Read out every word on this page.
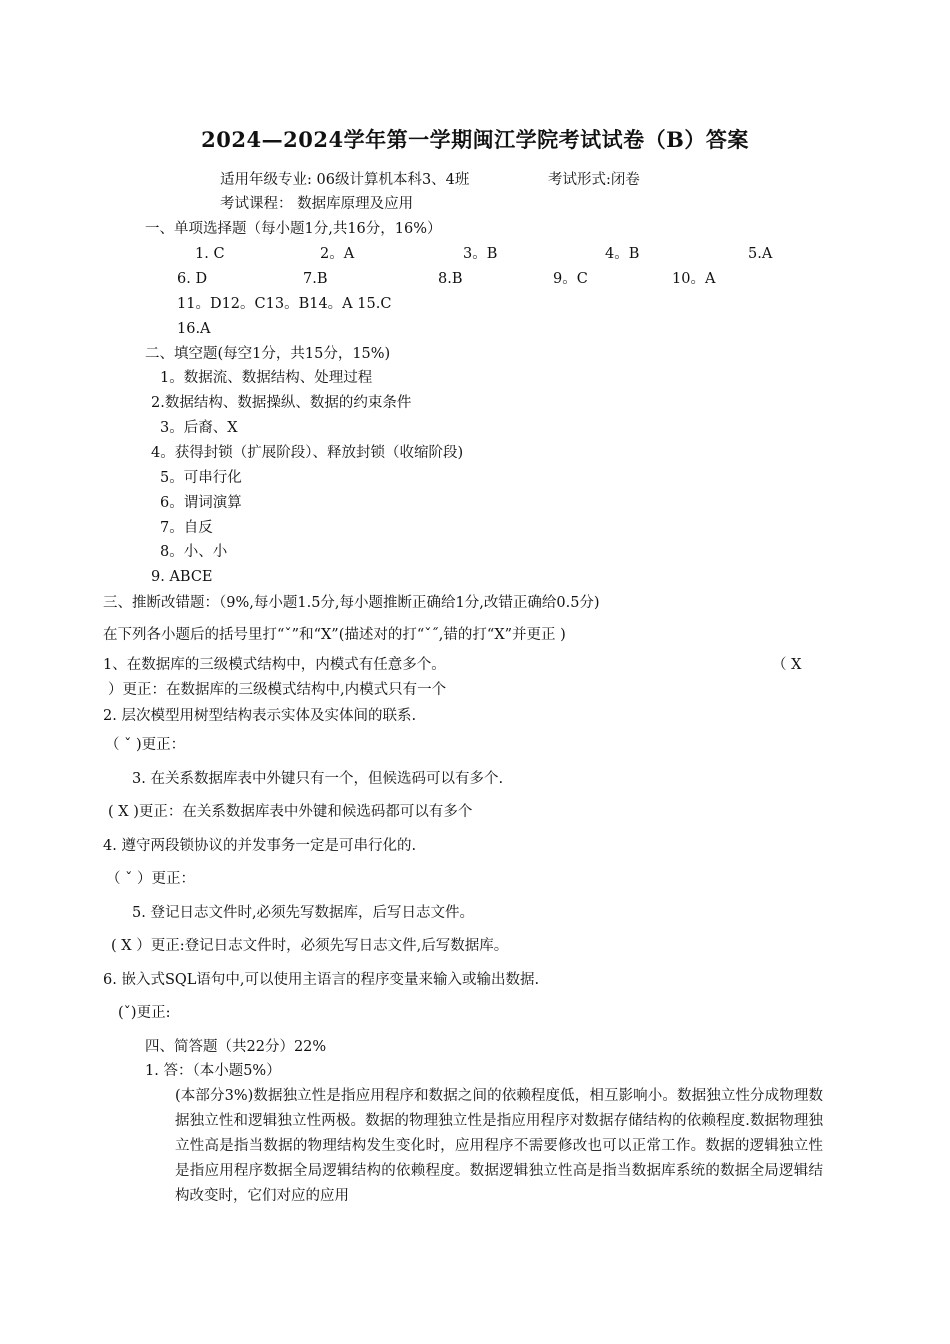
2024—2024学年第一学期闽江学院考试试卷（B）答案
适用年级专业: 06级计算机本科3、4班	考试形式:闭卷
考试课程： 数据库原理及应用
一、单项选择题（每小题1分,共16分，16%）
1. C	2。A	3。B	4。B	5.A
6. D	7.B	8.B	9。C	10。A
11。D12。C13。B14。A 15.C
16.A
二、填空题(每空1分，共15分，15%)
1。数据流、数据结构、处理过程
2.数据结构、数据操纵、数据的约束条件
3。后裔、X
4。获得封锁（扩展阶段）、释放封锁（收缩阶段)
5。可串行化
6。谓词演算
7。自反
8。小、小
9. ABCE
三、推断改错题：（9%,每小题1.5分,每小题推断正确给1分,改错正确给0.5分)
在下列各小题后的括号里打“ˇ”和“X”(描述对的打“ˇ˝,错的打“X”并更正 )
1、在数据库的三级模式结构中，内模式有任意多个。	（ X
）更正：在数据库的三级模式结构中,内模式只有一个
2. 层次模型用树型结构表示实体及实体间的联系.
（ ˇ )更正：
3. 在关系数据库表中外键只有一个，但候选码可以有多个.
( X )更正：在关系数据库表中外键和候选码都可以有多个
4. 遵守两段锁协议的并发事务一定是可串行化的.
（ ˇ ）更正：
5. 登记日志文件时,必须先写数据库，后写日志文件。
( X ）更正:登记日志文件时，必须先写日志文件,后写数据库。
6. 嵌入式SQL语句中,可以使用主语言的程序变量来输入或输出数据.
(ˇ)更正:
四、简答题（共22分）22%
1. 答：（本小题5%）
(本部分3%)数据独立性是指应用程序和数据之间的依赖程度低，相互影响小。数据独立性分成物理数据独立性和逻辑独立性两极。数据的物理独立性是指应用程序对数据存储结构的依赖程度.数据物理独立性高是指当数据的物理结构发生变化时，应用程序不需要修改也可以正常工作。数据的逻辑独立性是指应用程序数据全局逻辑结构的依赖程度。数据逻辑独立性高是指当数据库系统的数据全局逻辑结构改变时，它们对应的应用
